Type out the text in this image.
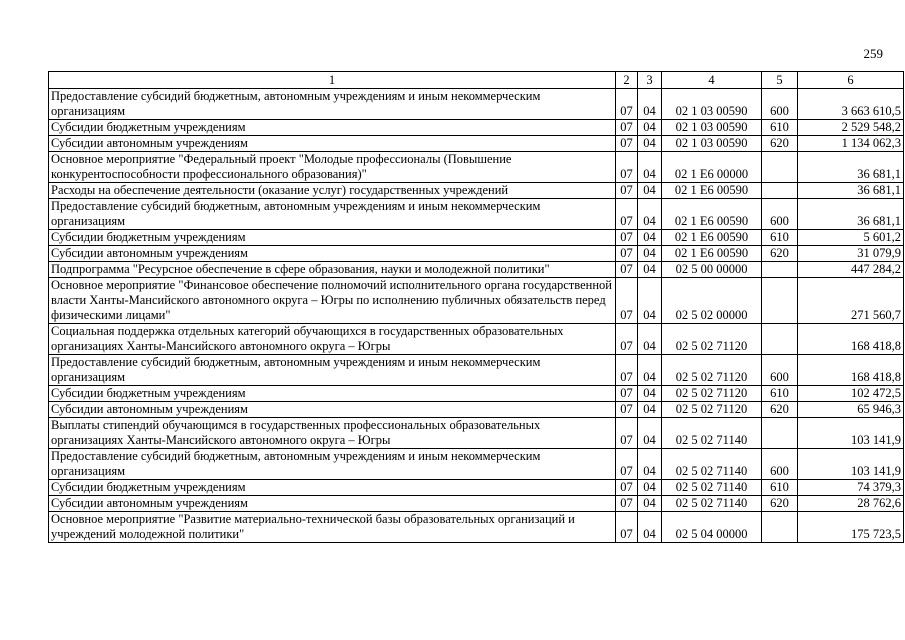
259
1	2	3	4	5	6
Предоставление субсидий бюджетным, автономным учреждениям и иным некоммерческим организациям	07	04	02 1 03 00590	600	3 663 610,5
Субсидии бюджетным учреждениям	07	04	02 1 03 00590	610	2 529 548,2
Субсидии автономным учреждениям	07	04	02 1 03 00590	620	1 134 062,3
Основное мероприятие "Федеральный проект "Молодые профессионалы (Повышение конкурентоспособности профессионального образования)"	07	04	02 1 Е6 00000		36 681,1
Расходы на обеспечение деятельности (оказание услуг) государственных учреждений	07	04	02 1 Е6 00590		36 681,1
Предоставление субсидий бюджетным, автономным учреждениям и иным некоммерческим организациям	07	04	02 1 Е6 00590	600	36 681,1
Субсидии бюджетным учреждениям	07	04	02 1 Е6 00590	610	5 601,2
Субсидии автономным учреждениям	07	04	02 1 Е6 00590	620	31 079,9
Подпрограмма "Ресурсное обеспечение в сфере образования, науки и молодежной политики"	07	04	02 5 00 00000		447 284,2
Основное мероприятие "Финансовое обеспечение полномочий исполнительного органа государственной власти Ханты-Мансийского автономного округа – Югры по исполнению публичных обязательств перед физическими лицами"	07	04	02 5 02 00000		271 560,7
Социальная поддержка отдельных категорий обучающихся в государственных образовательных организациях Ханты-Мансийского автономного округа – Югры	07	04	02 5 02 71120		168 418,8
Предоставление субсидий бюджетным, автономным учреждениям и иным некоммерческим организациям	07	04	02 5 02 71120	600	168 418,8
Субсидии бюджетным учреждениям	07	04	02 5 02 71120	610	102 472,5
Субсидии автономным учреждениям	07	04	02 5 02 71120	620	65 946,3
Выплаты стипендий обучающимся в государственных профессиональных образовательных организациях Ханты-Мансийского автономного округа – Югры	07	04	02 5 02 71140		103 141,9
Предоставление субсидий бюджетным, автономным учреждениям и иным некоммерческим организациям	07	04	02 5 02 71140	600	103 141,9
Субсидии бюджетным учреждениям	07	04	02 5 02 71140	610	74 379,3
Субсидии автономным учреждениям	07	04	02 5 02 71140	620	28 762,6
Основное мероприятие "Развитие материально-технической базы образовательных организаций и учреждений молодежной политики"	07	04	02 5 04 00000		175 723,5
